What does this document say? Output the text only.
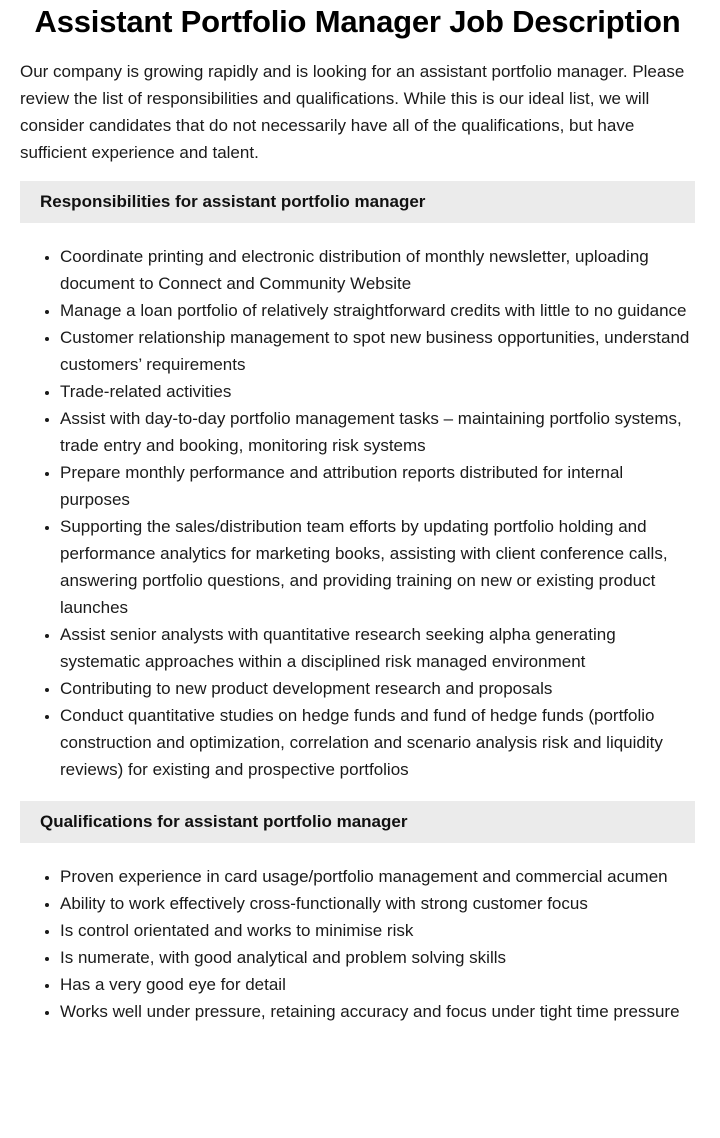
Assistant Portfolio Manager Job Description

Our company is growing rapidly and is looking for an assistant portfolio manager. Please review the list of responsibilities and qualifications. While this is our ideal list, we will consider candidates that do not necessarily have all of the qualifications, but have sufficient experience and talent.

Responsibilities for assistant portfolio manager
• Coordinate printing and electronic distribution of monthly newsletter, uploading document to Connect and Community Website
• Manage a loan portfolio of relatively straightforward credits with little to no guidance
• Customer relationship management to spot new business opportunities, understand customers’ requirements
• Trade-related activities
• Assist with day-to-day portfolio management tasks – maintaining portfolio systems, trade entry and booking, monitoring risk systems
• Prepare monthly performance and attribution reports distributed for internal purposes
• Supporting the sales/distribution team efforts by updating portfolio holding and performance analytics for marketing books, assisting with client conference calls, answering portfolio questions, and providing training on new or existing product launches
• Assist senior analysts with quantitative research seeking alpha generating systematic approaches within a disciplined risk managed environment
• Contributing to new product development research and proposals
• Conduct quantitative studies on hedge funds and fund of hedge funds (portfolio construction and optimization, correlation and scenario analysis risk and liquidity reviews) for existing and prospective portfolios
Qualifications for assistant portfolio manager
• Proven experience in card usage/portfolio management and commercial acumen
• Ability to work effectively cross-functionally with strong customer focus
• Is control orientated and works to minimise risk
• Is numerate, with good analytical and problem solving skills
• Has a very good eye for detail
• Works well under pressure, retaining accuracy and focus under tight time pressure
